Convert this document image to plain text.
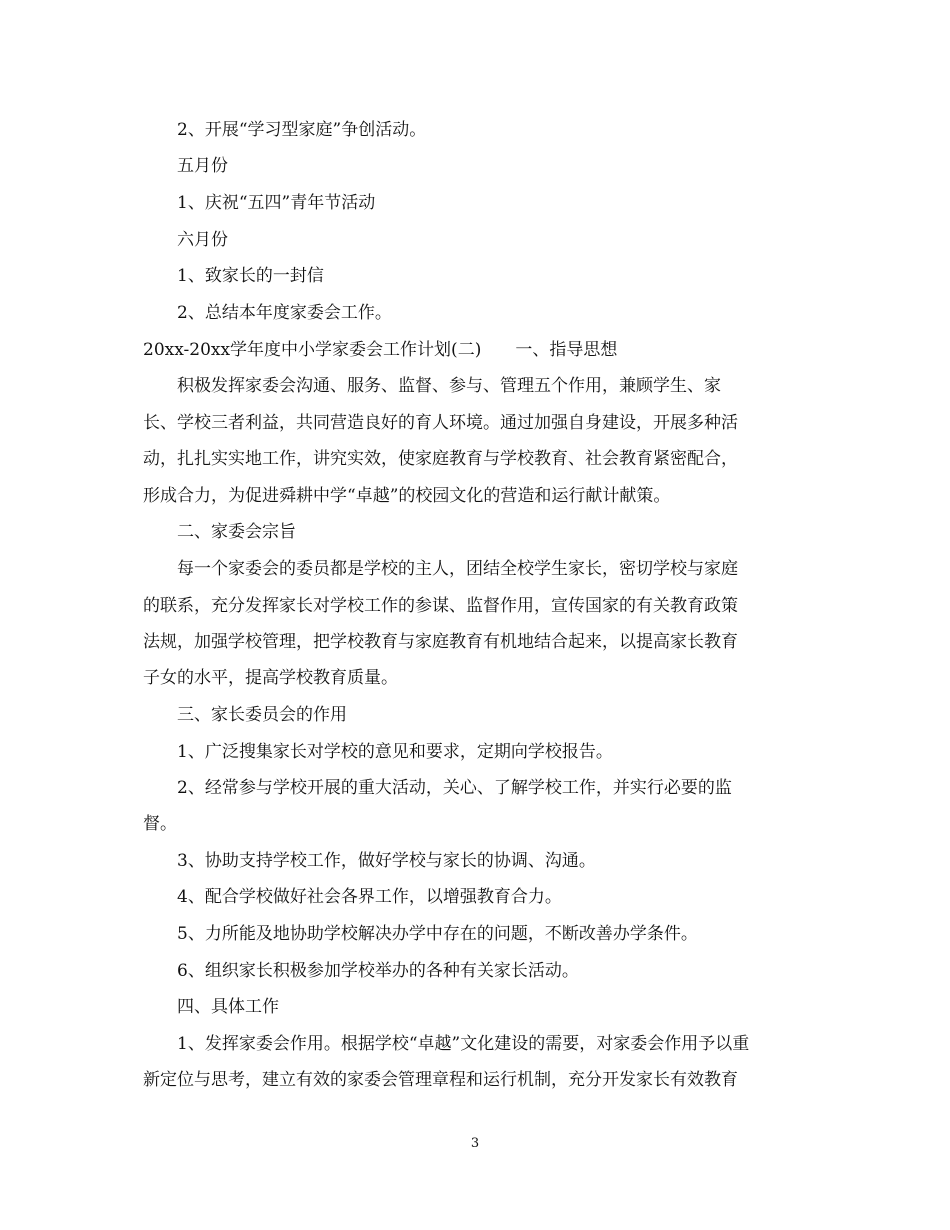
2、开展“学习型家庭”争创活动。
五月份
1、庆祝“五四”青年节活动
六月份
1、致家长的一封信
2、总结本年度家委会工作。
20xx-20xx学年度中小学家委会工作计划(二) 一、指导思想
积极发挥家委会沟通、服务、监督、参与、管理五个作用，兼顾学生、家
长、学校三者利益，共同营造良好的育人环境。通过加强自身建设，开展多种活
动，扎扎实实地工作，讲究实效，使家庭教育与学校教育、社会教育紧密配合，
形成合力，为促进舜耕中学“卓越”的校园文化的营造和运行献计献策。
二、家委会宗旨
每一个家委会的委员都是学校的主人，团结全校学生家长，密切学校与家庭
的联系，充分发挥家长对学校工作的参谋、监督作用，宣传国家的有关教育政策
法规，加强学校管理，把学校教育与家庭教育有机地结合起来，以提高家长教育
子女的水平，提高学校教育质量。
三、家长委员会的作用
1、广泛搜集家长对学校的意见和要求，定期向学校报告。
2、经常参与学校开展的重大活动，关心、了解学校工作，并实行必要的监
督。
3、协助支持学校工作，做好学校与家长的协调、沟通。
4、配合学校做好社会各界工作，以增强教育合力。
5、力所能及地协助学校解决办学中存在的问题，不断改善办学条件。
6、组织家长积极参加学校举办的各种有关家长活动。
四、具体工作
1、发挥家委会作用。根据学校“卓越”文化建设的需要，对家委会作用予以重
新定位与思考，建立有效的家委会管理章程和运行机制，充分开发家长有效教育
3
